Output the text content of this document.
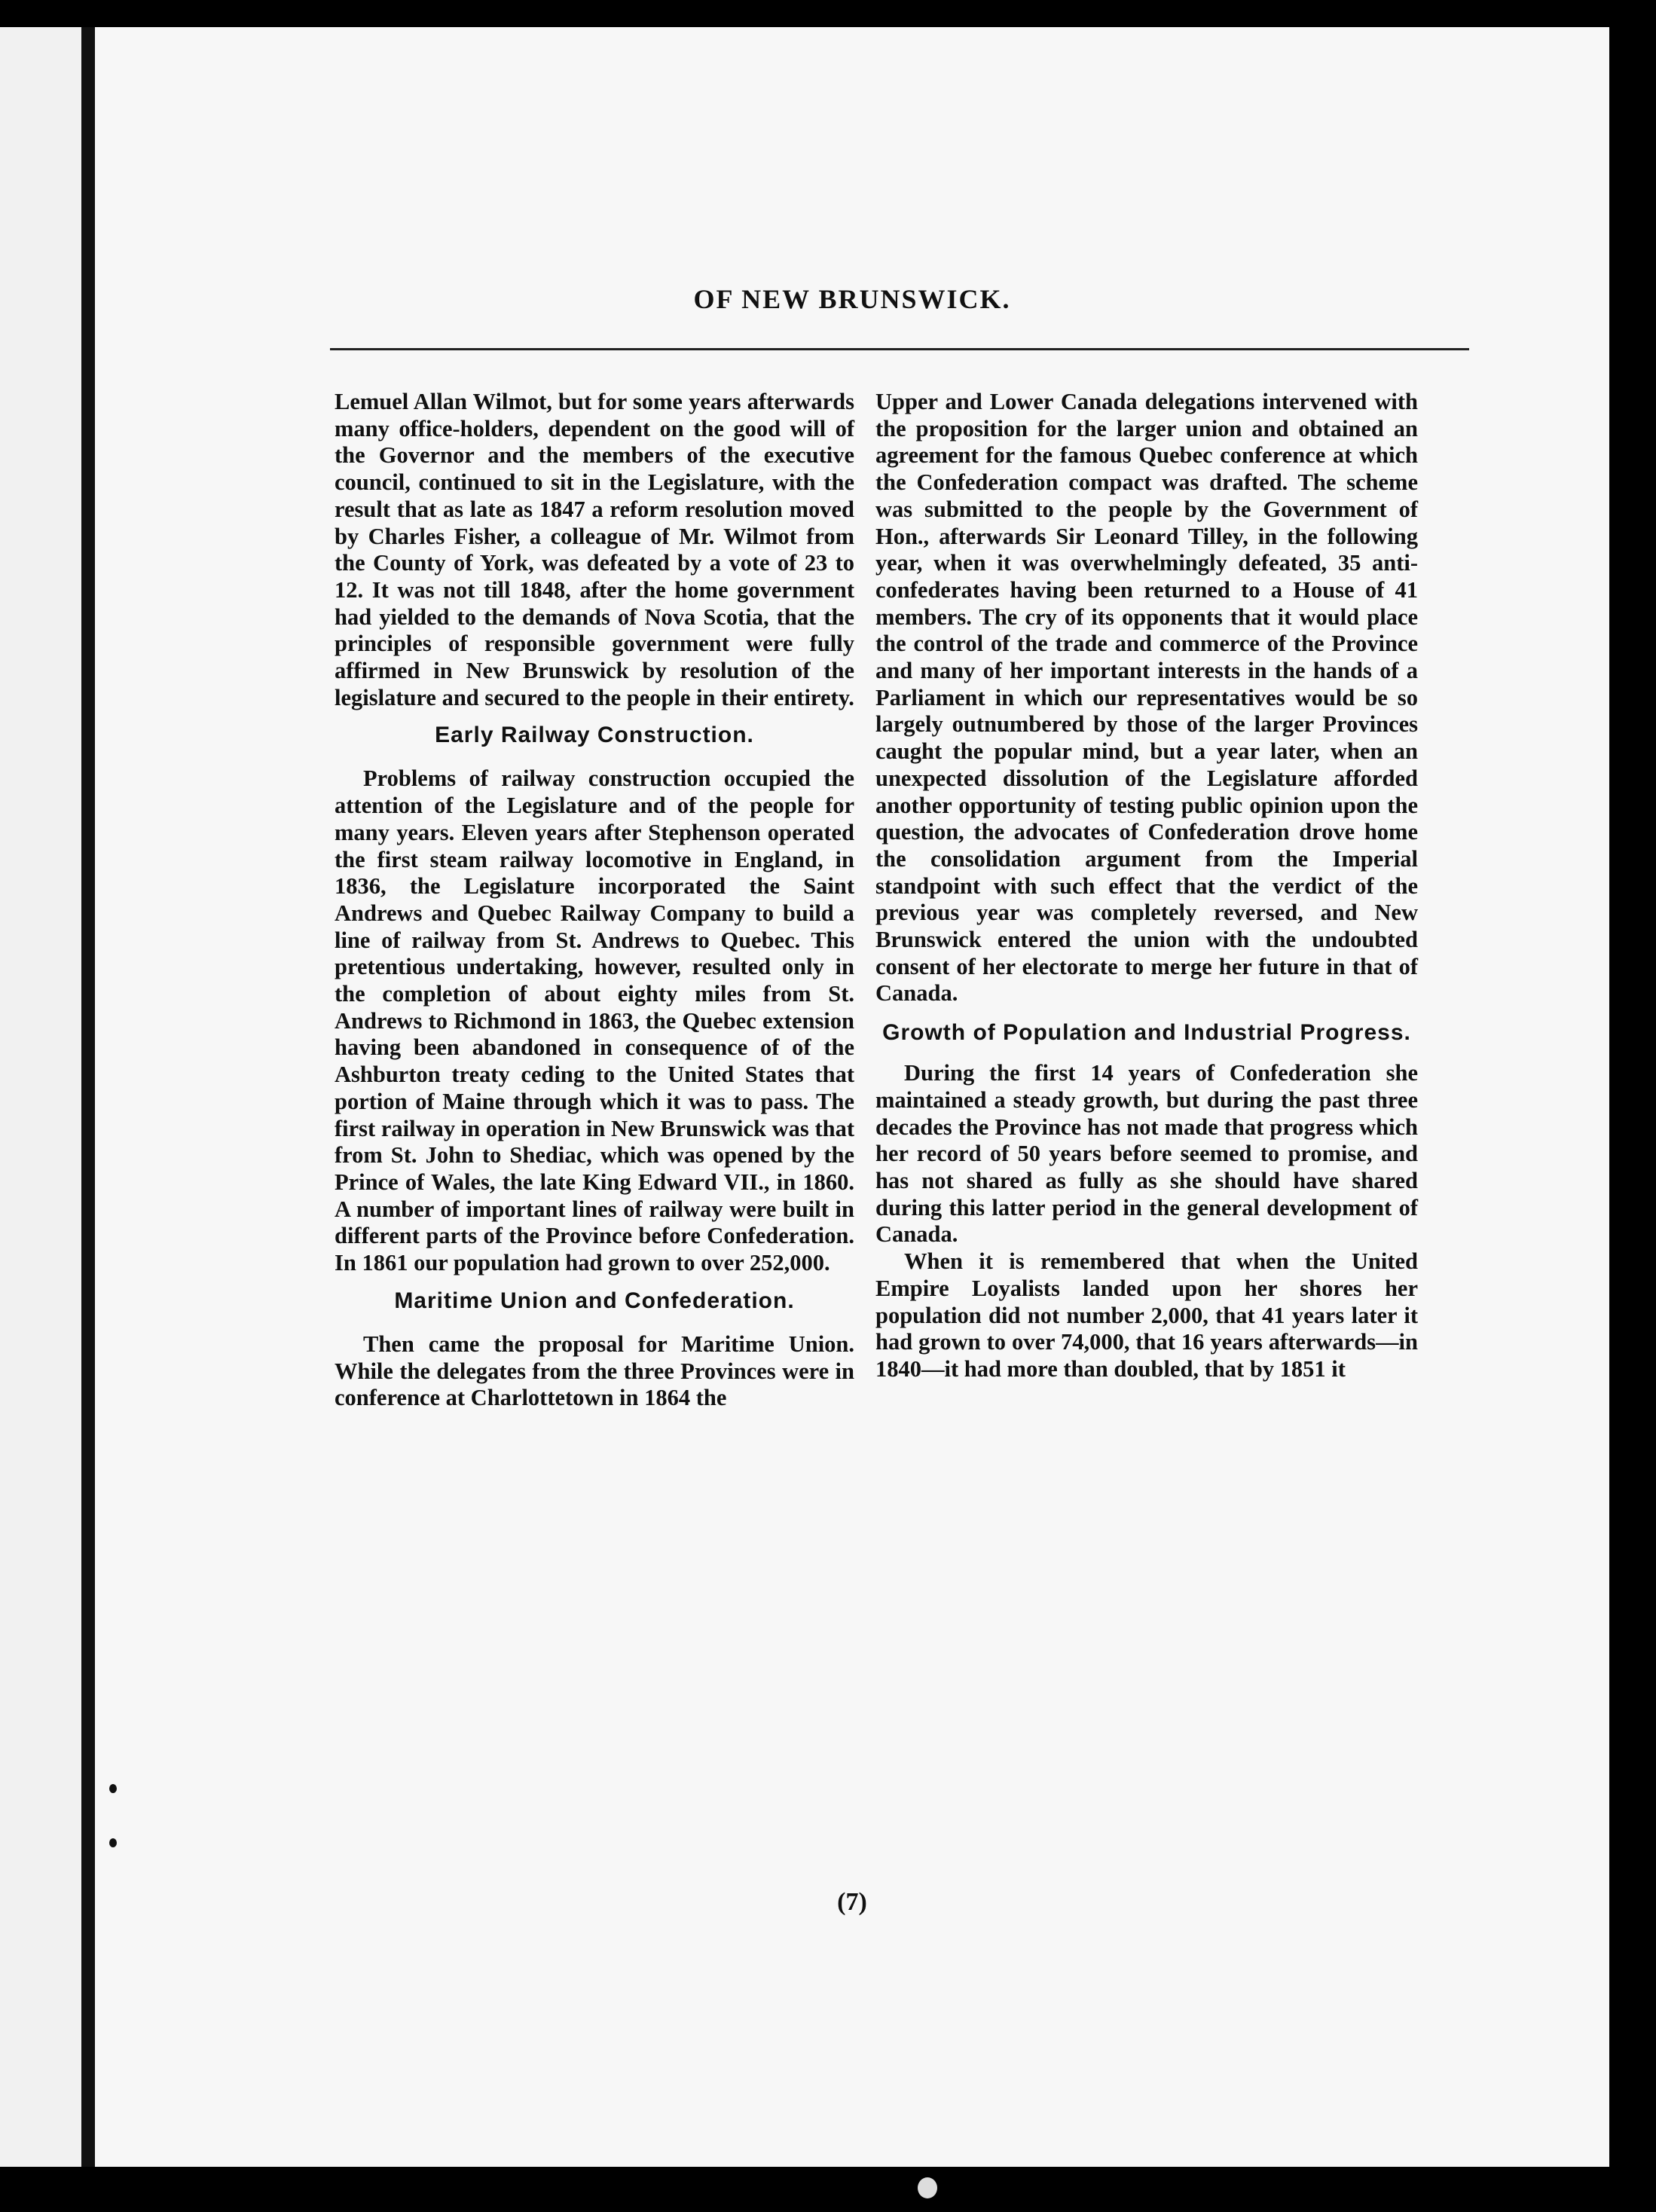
OF NEW BRUNSWICK.

Lemuel Allan Wilmot, but for some years afterwards many office-holders, dependent on the good will of the Governor and the members of the executive council, continued to sit in the Legislature, with the result that as late as 1847 a reform resolution moved by Charles Fisher, a colleague of Mr. Wilmot from the County of York, was defeated by a vote of 23 to 12. It was not till 1848, after the home government had yielded to the demands of Nova Scotia, that the principles of responsible government were fully affirmed in New Brunswick by resolution of the legislature and secured to the people in their entirety.

Early Railway Construction.

Problems of railway construction occupied the attention of the Legislature and of the people for many years. Eleven years after Stephenson operated the first steam railway locomotive in England, in 1836, the Legislature incorporated the Saint Andrews and Quebec Railway Company to build a line of railway from St. Andrews to Quebec. This pretentious undertaking, however, resulted only in the completion of about eighty miles from St. Andrews to Richmond in 1863, the Quebec extension having been abandoned in consequence of of the Ashburton treaty ceding to the United States that portion of Maine through which it was to pass. The first railway in operation in New Brunswick was that from St. John to Shediac, which was opened by the Prince of Wales, the late King Edward VII., in 1860. A number of important lines of railway were built in different parts of the Province before Confederation. In 1861 our population had grown to over 252,000.

Maritime Union and Confederation.

Then came the proposal for Maritime Union. While the delegates from the three Provinces were in conference at Charlottetown in 1864 the

Upper and Lower Canada delegations intervened with the proposition for the larger union and obtained an agreement for the famous Quebec conference at which the Confederation compact was drafted. The scheme was submitted to the people by the Government of Hon., afterwards Sir Leonard Tilley, in the following year, when it was overwhelmingly defeated, 35 anti-confederates having been returned to a House of 41 members. The cry of its opponents that it would place the control of the trade and commerce of the Province and many of her important interests in the hands of a Parliament in which our representatives would be so largely outnumbered by those of the larger Provinces caught the popular mind, but a year later, when an unexpected dissolution of the Legislature afforded another opportunity of testing public opinion upon the question, the advocates of Confederation drove home the consolidation argument from the Imperial standpoint with such effect that the verdict of the previous year was completely reversed, and New Brunswick entered the union with the undoubted consent of her electorate to merge her future in that of Canada.

Growth of Population and Industrial Progress.

During the first 14 years of Confederation she maintained a steady growth, but during the past three decades the Province has not made that progress which her record of 50 years before seemed to promise, and has not shared as fully as she should have shared during this latter period in the general development of Canada.

When it is remembered that when the United Empire Loyalists landed upon her shores her population did not number 2,000, that 41 years later it had grown to over 74,000, that 16 years afterwards—in 1840—it had more than doubled, that by 1851 it

(7)
